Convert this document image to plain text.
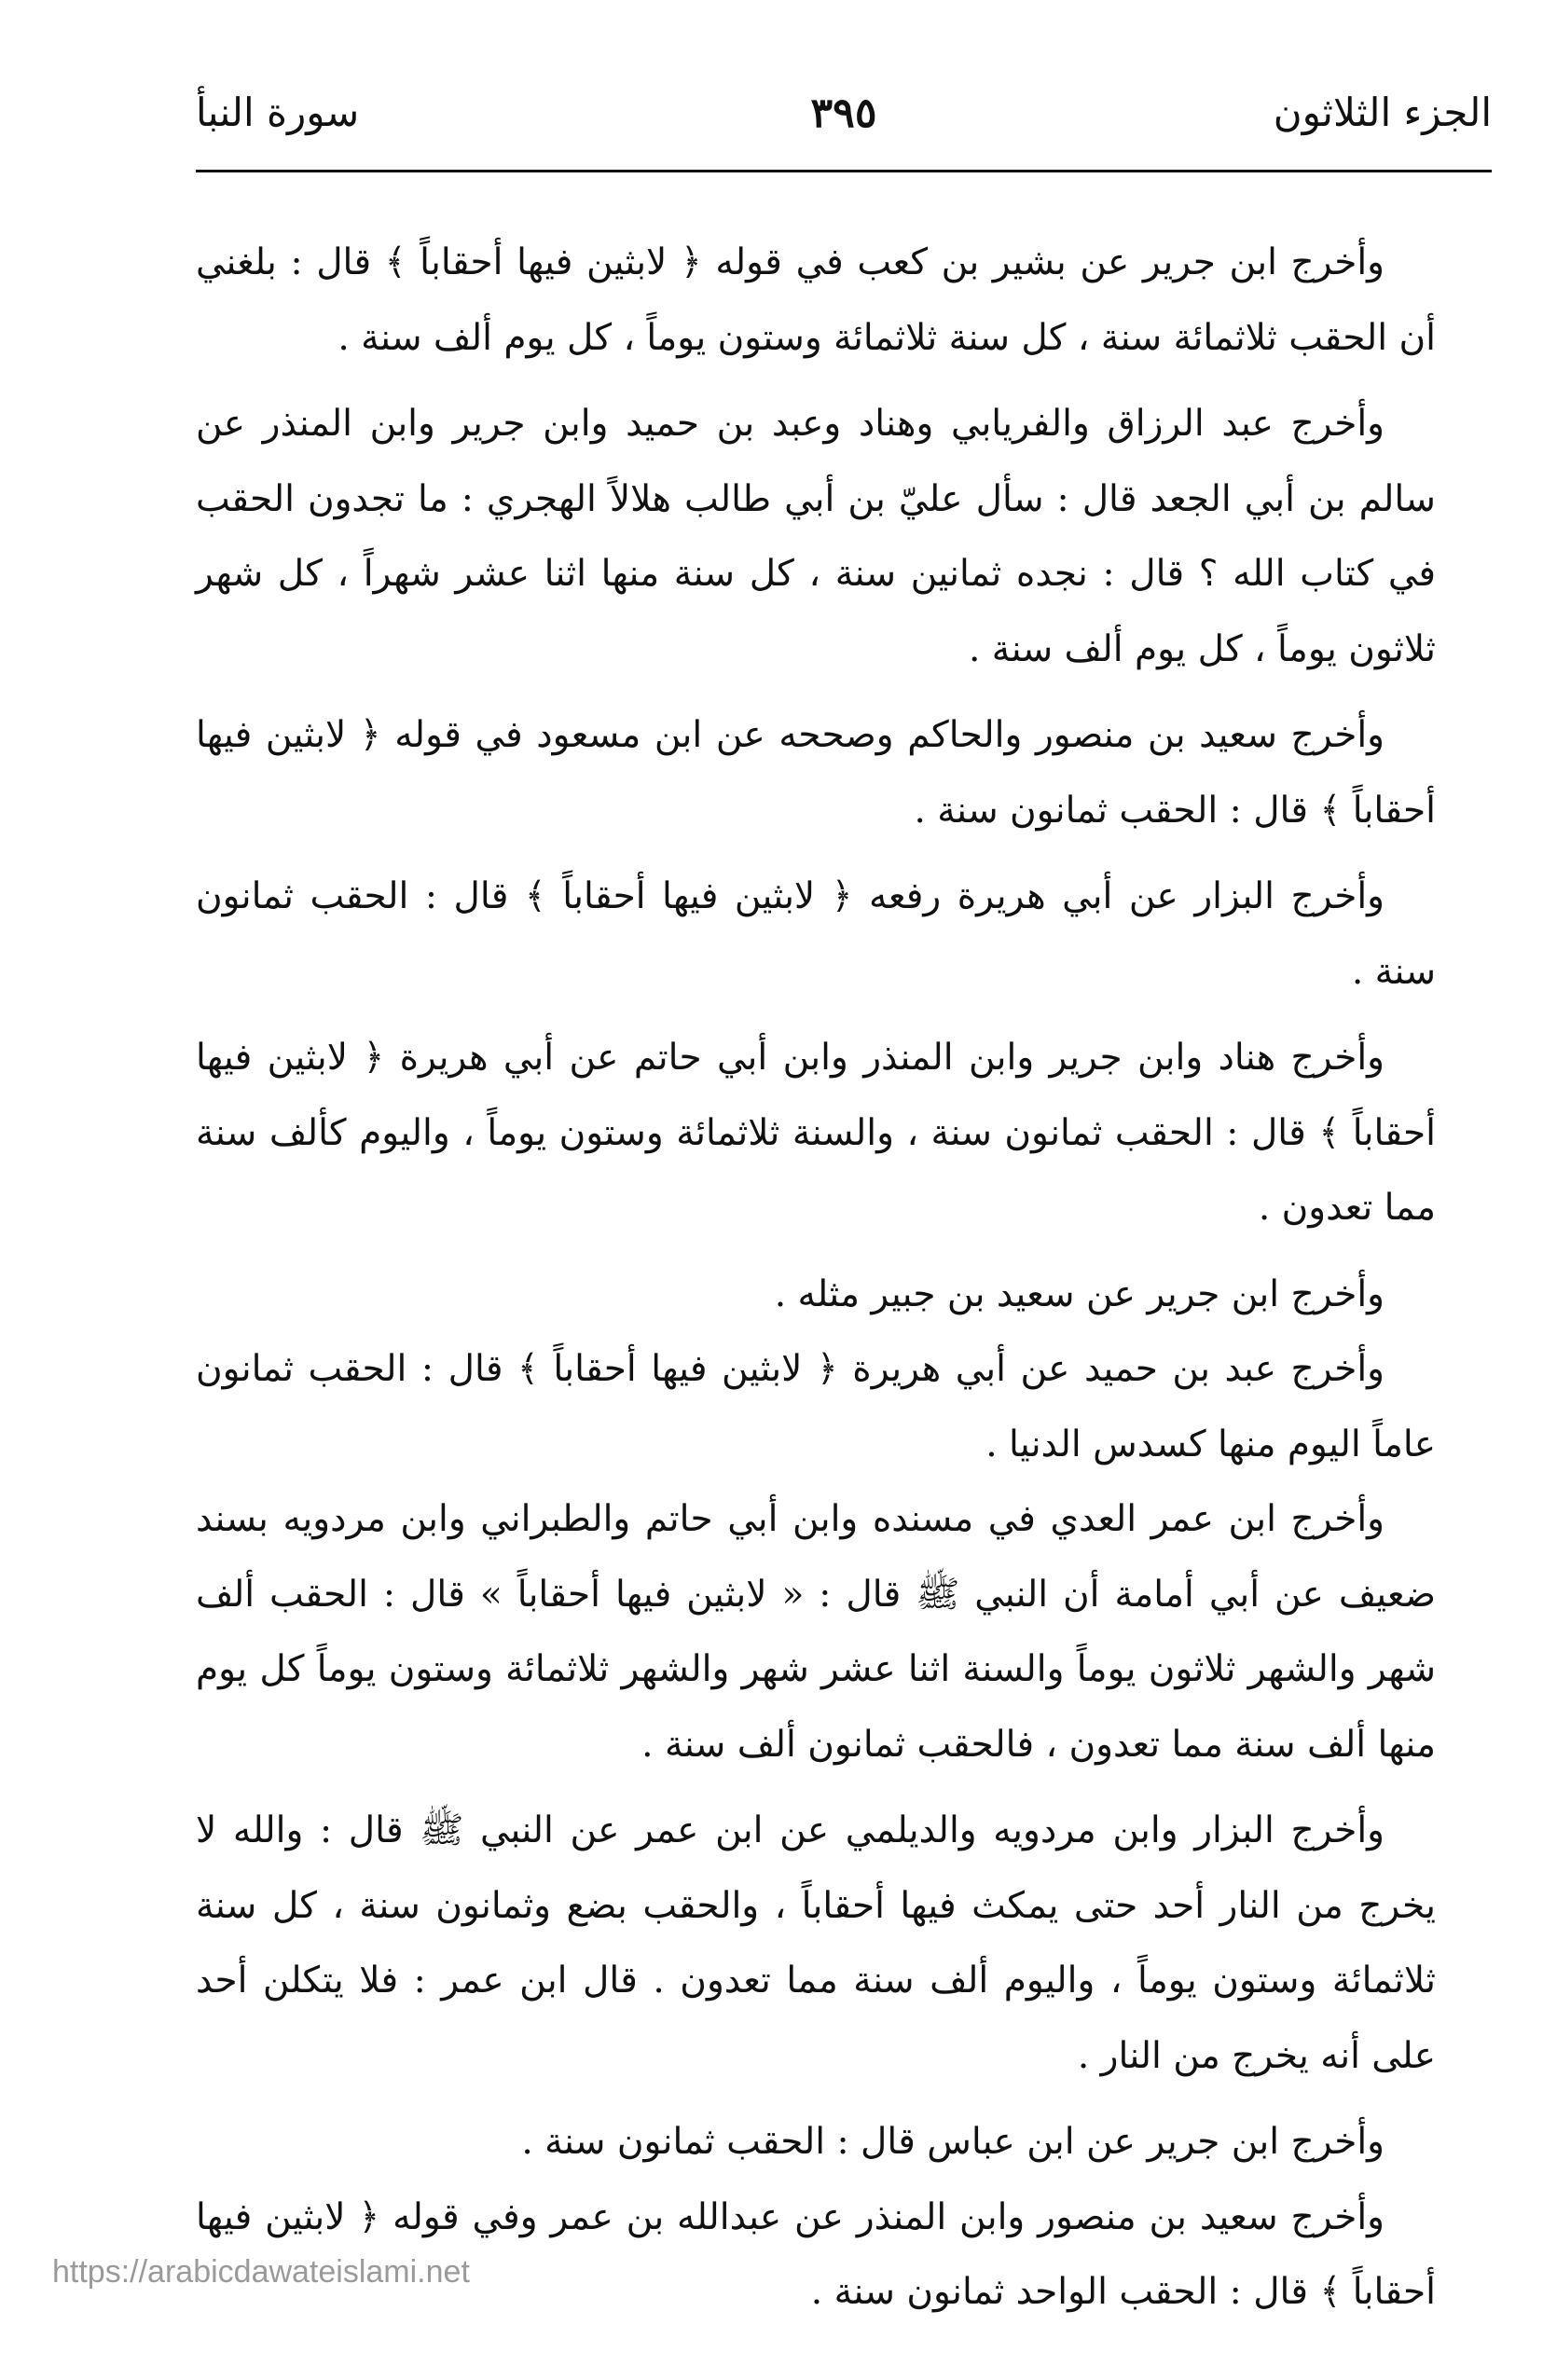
الجزء الثلاثون
٣٩٥
سورة النبأ

وأخرج ابن جرير عن بشير بن كعب في قوله ﴿ لابثين فيها أحقاباً ﴾ قال : بلغني أن الحقب ثلاثمائة سنة ، كل سنة ثلاثمائة وستون يوماً ، كل يوم ألف سنة .

وأخرج عبد الرزاق والفريابي وهناد وعبد بن حميد وابن جرير وابن المنذر عن سالم بن أبي الجعد قال : سأل عليّ بن أبي طالب هلالاً الهجري : ما تجدون الحقب في كتاب الله ؟ قال : نجده ثمانين سنة ، كل سنة منها اثنا عشر شهراً ، كل شهر ثلاثون يوماً ، كل يوم ألف سنة .

وأخرج سعيد بن منصور والحاكم وصححه عن ابن مسعود في قوله ﴿ لابثين فيها أحقاباً ﴾ قال : الحقب ثمانون سنة .

وأخرج البزار عن أبي هريرة رفعه ﴿ لابثين فيها أحقاباً ﴾ قال : الحقب ثمانون سنة .

وأخرج هناد وابن جرير وابن المنذر وابن أبي حاتم عن أبي هريرة ﴿ لابثين فيها أحقاباً ﴾ قال : الحقب ثمانون سنة ، والسنة ثلاثمائة وستون يوماً ، واليوم كألف سنة مما تعدون .

وأخرج ابن جرير عن سعيد بن جبير مثله .

وأخرج عبد بن حميد عن أبي هريرة ﴿ لابثين فيها أحقاباً ﴾ قال : الحقب ثمانون عاماً اليوم منها كسدس الدنيا .

وأخرج ابن عمر العدي في مسنده وابن أبي حاتم والطبراني وابن مردويه بسند ضعيف عن أبي أمامة أن النبي ﷺ قال : « لابثين فيها أحقاباً » قال : الحقب ألف شهر والشهر ثلاثون يوماً والسنة اثنا عشر شهر والشهر ثلاثمائة وستون يوماً كل يوم منها ألف سنة مما تعدون ، فالحقب ثمانون ألف سنة .

وأخرج البزار وابن مردويه والديلمي عن ابن عمر عن النبي ﷺ قال : والله لا يخرج من النار أحد حتى يمكث فيها أحقاباً ، والحقب بضع وثمانون سنة ، كل سنة ثلاثمائة وستون يوماً ، واليوم ألف سنة مما تعدون . قال ابن عمر : فلا يتكلن أحد على أنه يخرج من النار .

وأخرج ابن جرير عن ابن عباس قال : الحقب ثمانون سنة .

وأخرج سعيد بن منصور وابن المنذر عن عبدالله بن عمر وفي قوله ﴿ لابثين فيها أحقاباً ﴾ قال : الحقب الواحد ثمانون سنة .

https://arabicdawateislami.net
